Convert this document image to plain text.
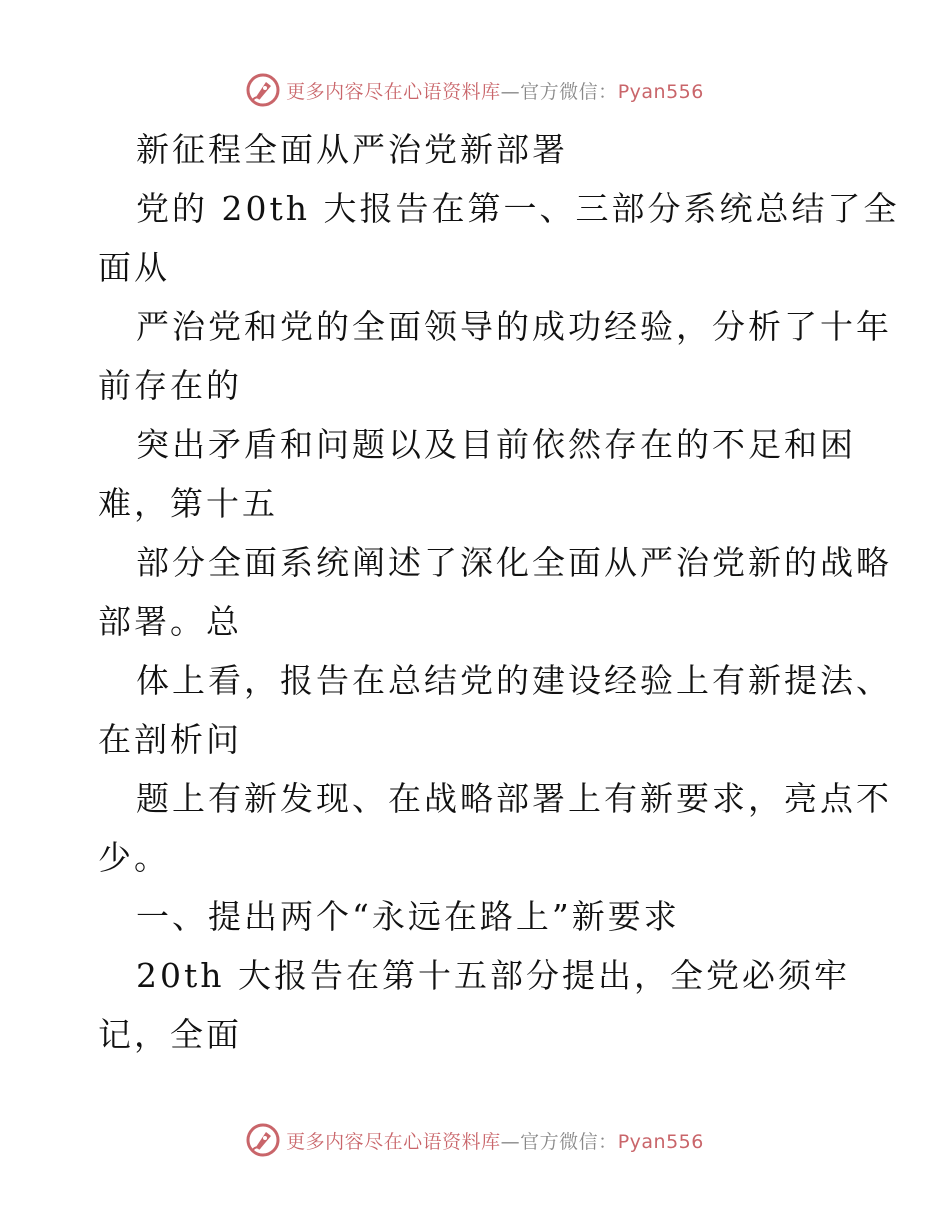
更多内容尽在心语资料库—官方微信：Pyan556
新征程全面从严治党新部署
党的 20th 大报告在第一、三部分系统总结了全
面从
严治党和党的全面领导的成功经验，分析了十年
前存在的
突出矛盾和问题以及目前依然存在的不足和困
难，第十五
部分全面系统阐述了深化全面从严治党新的战略
部署。总
体上看，报告在总结党的建设经验上有新提法、
在剖析问
题上有新发现、在战略部署上有新要求，亮点不
少。
一、提出两个“永远在路上”新要求
20th 大报告在第十五部分提出，全党必须牢
记，全面
更多内容尽在心语资料库—官方微信：Pyan556
